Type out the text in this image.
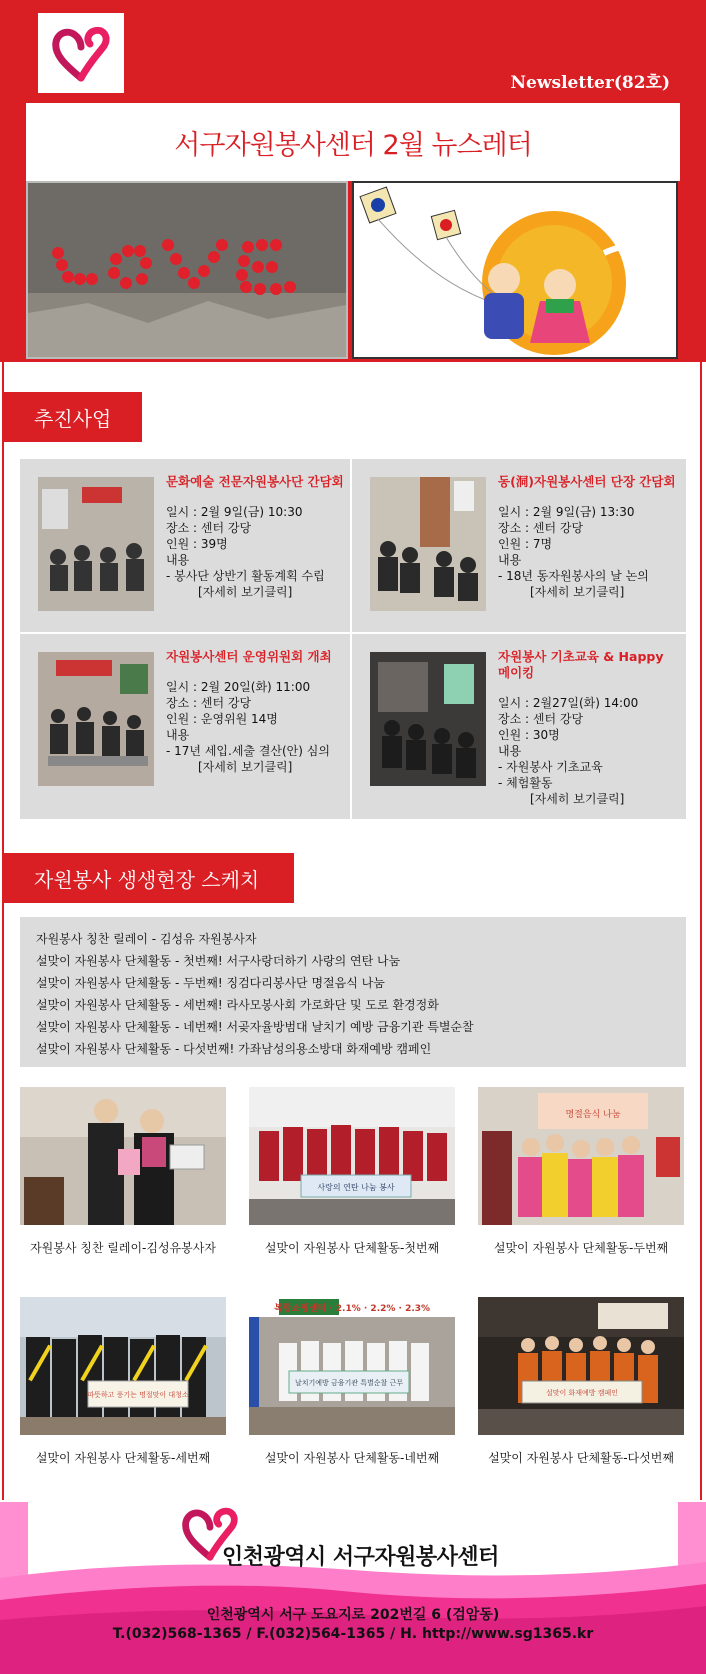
Newsletter(82호)
서구자원봉사센터 2월 뉴스레터
추진사업
문화예술 전문자원봉사단 간담회
일시 : 2월 9일(금) 10:30
장소 : 센터 강당
인원 : 39명
내용
- 봉사단 상반기 활동계획 수립
[자세히 보기클릭]
동(洞)자원봉사센터 단장 간담회
일시 : 2월 9일(금) 13:30
장소 : 센터 강당
인원 : 7명
내용
- 18년 동자원봉사의 날 논의
[자세히 보기클릭]
자원봉사센터 운영위원회 개최
일시 : 2월 20일(화) 11:00
장소 : 센터 강당
인원 : 운영위원 14명
내용
- 17년 세입.세출 결산(안) 심의
[자세히 보기클릭]
자원봉사 기초교육 & Happy 메이킹
일시 : 2월27일(화) 14:00
장소 : 센터 강당
인원 : 30명
내용
- 자원봉사 기초교육
- 체험활동
[자세히 보기클릭]
자원봉사 생생현장 스케치
자원봉사 칭찬 릴레이 - 김성유 자원봉사자
설맞이 자원봉사 단체활동 - 첫번째! 서구사랑더하기 사랑의 연탄 나눔
설맞이 자원봉사 단체활동 - 두번째! 징검다리봉사단 명절음식 나눔
설맞이 자원봉사 단체활동 - 세번째! 라사모봉사회 가로화단 및 도로 환경정화
설맞이 자원봉사 단체활동 - 네번째! 서곶자율방범대 날치기 예방 금융기관 특별순찰
설맞이 자원봉사 단체활동 - 다섯번째! 가좌남성의용소방대 화재예방 캠페인
자원봉사 칭찬 릴레이-김성유봉사자
사랑의 연탄 나눔 봉사
설맞이 자원봉사 단체활동-첫번째
명절음식 나눔
설맞이 자원봉사 단체활동-두번째
따뜻하고 풍기는 명절맞이 대청소
설맞이 자원봉사 단체활동-세번째
복합쇼핑센터 · 2.1% · 2.2% · 2.3%
날치기예방 금융기관 특별순찰 근무
설맞이 자원봉사 단체활동-네번째
설맞이 화재예방 캠페인
설맞이 자원봉사 단체활동-다섯번째
인천광역시 서구자원봉사센터
인천광역시 서구 도요지로 202번길 6 (검암동)
T.(032)568-1365 / F.(032)564-1365 / H. http://www.sg1365.kr
